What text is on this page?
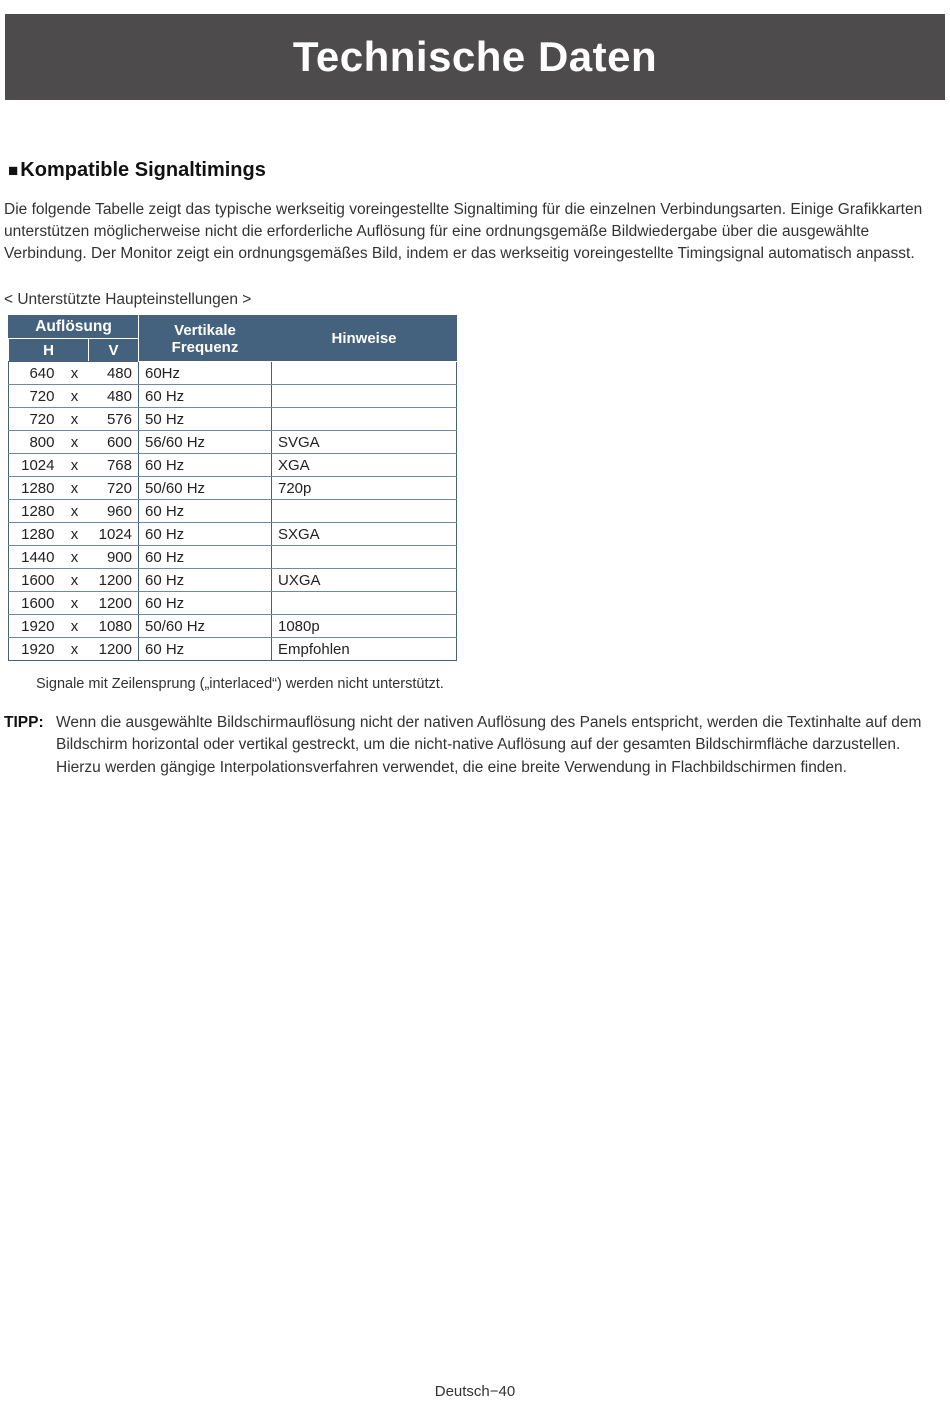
Technische Daten
■ Kompatible Signaltimings

Die folgende Tabelle zeigt das typische werkseitig voreingestellte Signaltiming für die einzelnen Verbindungsarten. Einige Grafikkarten unterstützen möglicherweise nicht die erforderliche Auflösung für eine ordnungsgemäße Bildwiedergabe über die ausgewählte Verbindung. Der Monitor zeigt ein ordnungsgemäßes Bild, indem er das werkseitig voreingestellte Timingsignal automatisch anpasst.

< Unterstützte Haupteinstellungen >

Auflösung			Vertikale Frequenz	Hinweise
H		V		
640	x	480	60Hz	
720	x	480	60 Hz	
720	x	576	50 Hz	
800	x	600	56/60 Hz	SVGA
1024	x	768	60 Hz	XGA
1280	x	720	50/60 Hz	720p
1280	x	960	60 Hz	
1280	x	1024	60 Hz	SXGA
1440	x	900	60 Hz	
1600	x	1200	60 Hz	UXGA
1600	x	1200	60 Hz	
1920	x	1080	50/60 Hz	1080p
1920	x	1200	60 Hz	Empfohlen

Signale mit Zeilensprung („interlaced“) werden nicht unterstützt.

TIPP: Wenn die ausgewählte Bildschirmauflösung nicht der nativen Auflösung des Panels entspricht, werden die Textinhalte auf dem Bildschirm horizontal oder vertikal gestreckt, um die nicht-native Auflösung auf der gesamten Bildschirmfläche darzustellen. Hierzu werden gängige Interpolationsverfahren verwendet, die eine breite Verwendung in Flachbildschirmen finden.
Deutsch−40
